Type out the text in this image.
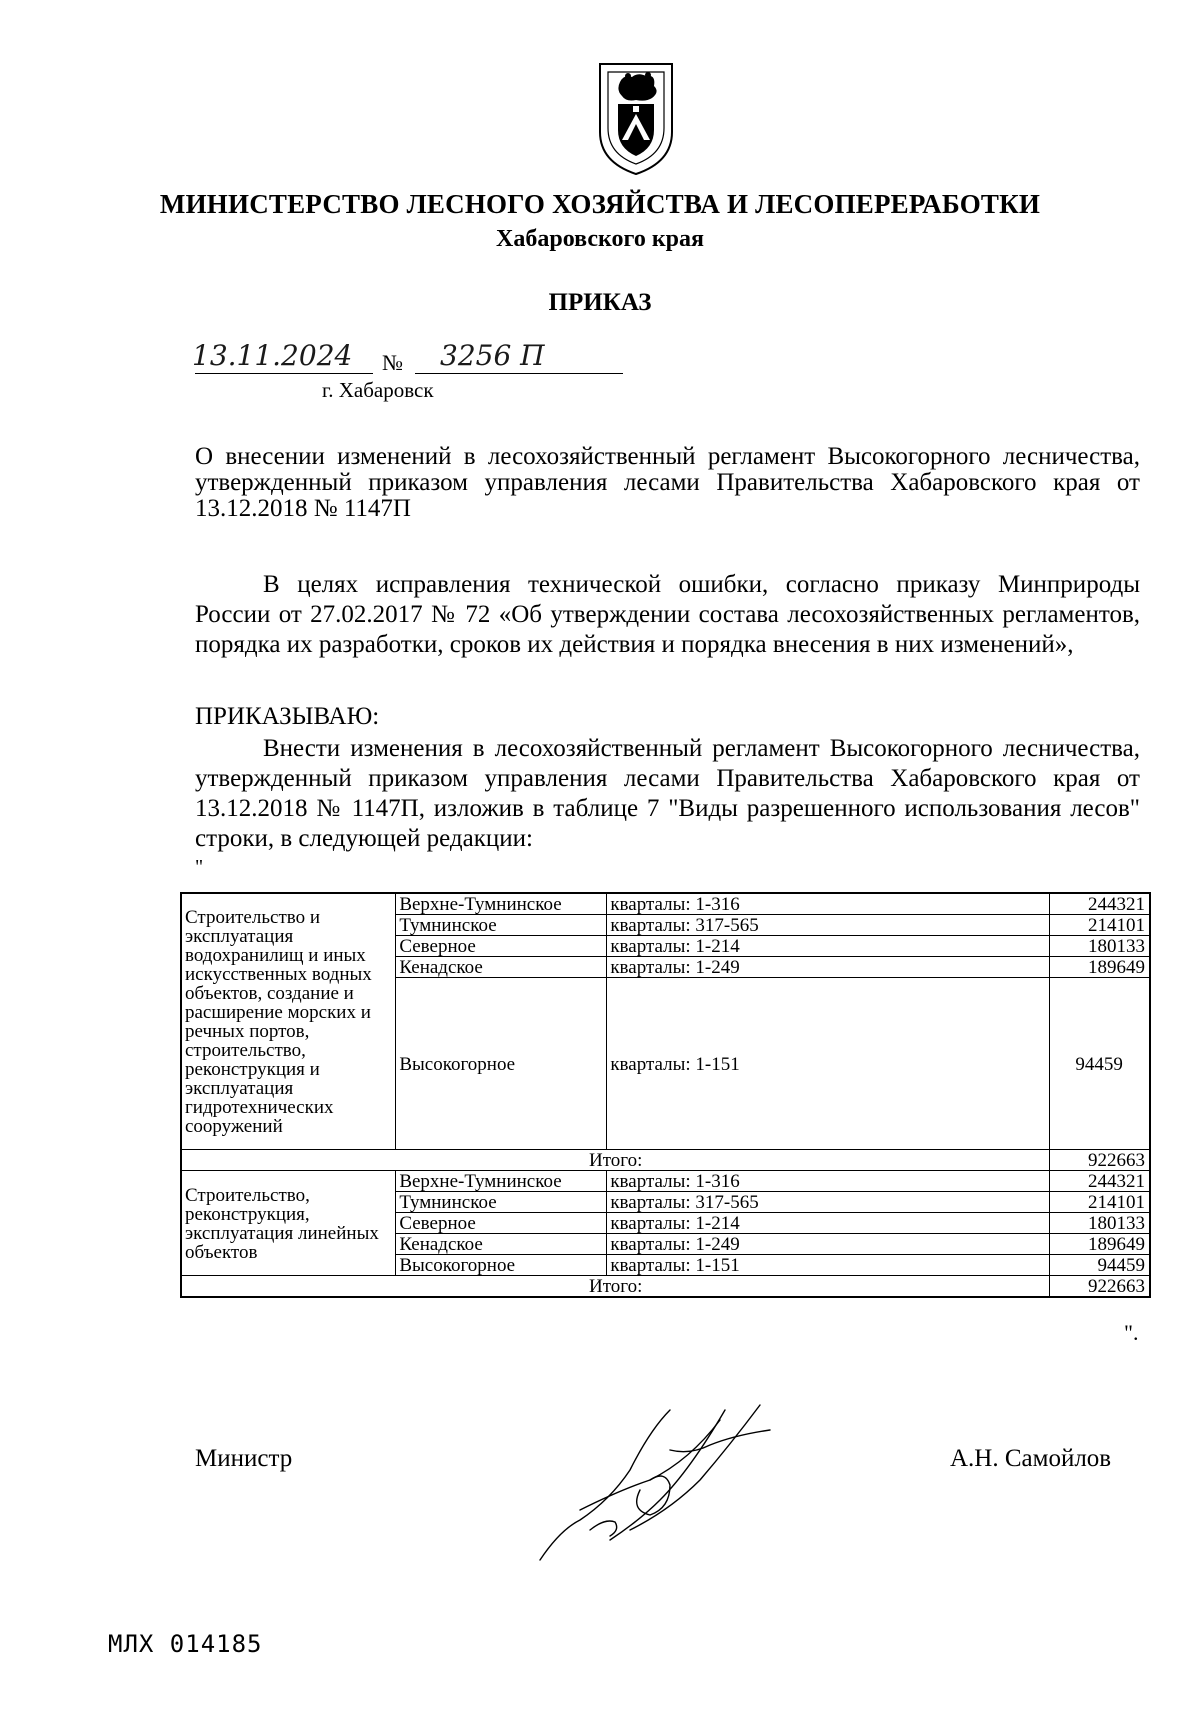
МИНИСТЕРСТВО ЛЕСНОГО ХОЗЯЙСТВА И ЛЕСОПЕРЕРАБОТКИ
Хабаровского края
ПРИКАЗ
13.11.2024	№ 3256 П
г. Хабаровск
О внесении изменений в лесохозяйственный регламент Высокогорного лесничества, утвержденный приказом управления лесами Правительства Хабаровского края от 13.12.2018 № 1147П
В целях исправления технической ошибки, согласно приказу Минприроды России от 27.02.2017 № 72 «Об утверждении состава лесохозяйственных регламентов, порядка их разработки, сроков их действия и порядка внесения в них изменений»,
ПРИКАЗЫВАЮ:
Внести изменения в лесохозяйственный регламент Высокогорного лесничества, утвержденный приказом управления лесами Правительства Хабаровского края от 13.12.2018 № 1147П, изложив в таблице 7 "Виды разрешенного использования лесов" строки, в следующей редакции:
"
Строительство и эксплуатация водохранилищ и иных искусственных водных объектов, создание и расширение морских и речных портов, строительство, реконструкция и эксплуатация гидротехнических сооружений	Верхне-Тумнинское	кварталы: 1-316	244321
	Тумнинское	кварталы: 317-565	214101
	Северное	кварталы: 1-214	180133
	Кенадское	кварталы: 1-249	189649
	Высокогорное	кварталы: 1-151	94459
Итого:			922663
Строительство, реконструкция, эксплуатация линейных объектов	Верхне-Тумнинское	кварталы: 1-316	244321
	Тумнинское	кварталы: 317-565	214101
	Северное	кварталы: 1-214	180133
	Кенадское	кварталы: 1-249	189649
	Высокогорное	кварталы: 1-151	94459
Итого:			922663
".
Министр	А.Н. Самойлов
МЛХ 014185
